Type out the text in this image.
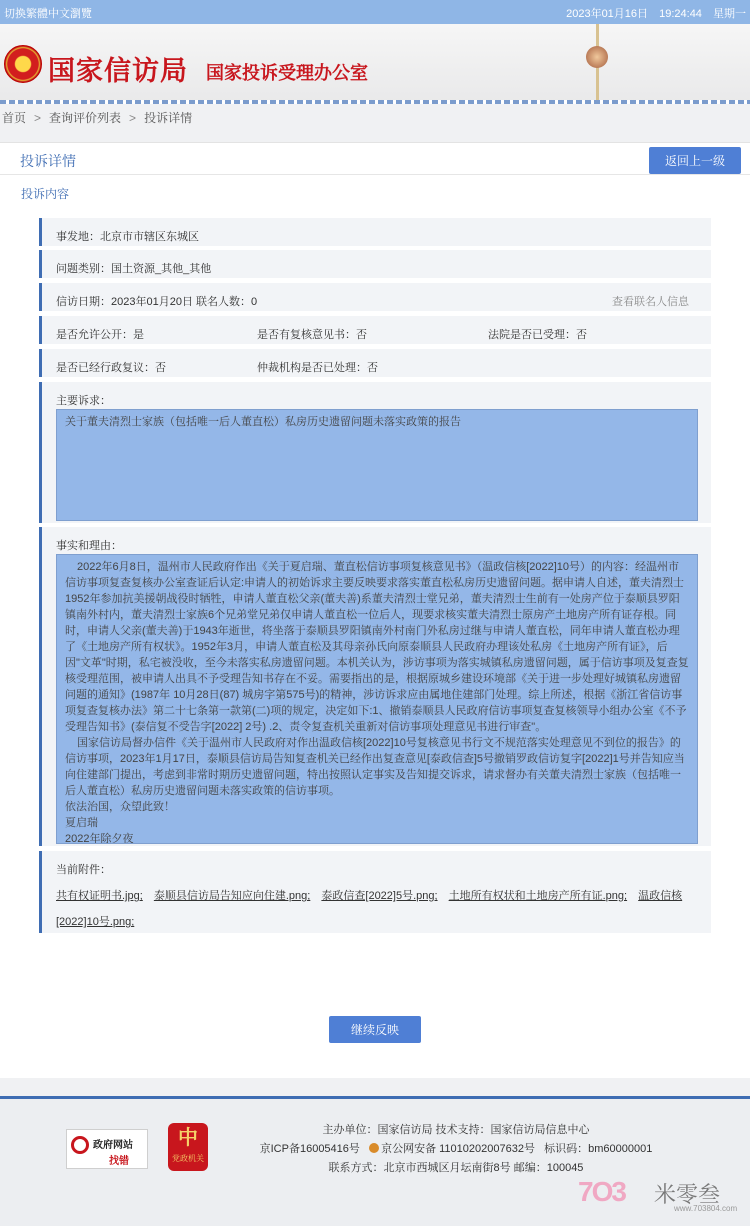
切換繁體中文瀏覽	2023年01月16日 19:24:44 星期一
国家信访局 国家投诉受理办公室
首页 > 查询评价列表 > 投诉详情
投诉详情	返回上一级
投诉内容
事发地：北京市市辖区东城区
问题类别：国土资源_其他_其他
信访日期：2023年01月20日 联名人数：0	查看联名人信息
是否允许公开：是	是否有复核意见书：否	法院是否已受理：否
是否已经行政复议：否	仲裁机构是否已处理：否
主要诉求：

关于董夫清烈士家族（包括唯一后人董直松）私房历史遗留问题未落实政策的报告

事实和理由：

2022年6月8日，温州市人民政府作出《关于夏启瑞、董直松信访事项复核意见书》（温政信核[2022]10号）的内容：经温州市信访事项复查复核办公室查证后认定:申请人的初始诉求主要反映要求落实董直松私房历史遗留问题。据申请人自述，董夫清烈士1952年参加抗美援朝战役时牺牲，申请人董直松父亲(董夫善)系董夫清烈士堂兄弟，董夫清烈士生前有一处房产位于泰顺县罗阳镇南外村内，董夫清烈士家族6个兄弟堂兄弟仅申请人董直松一位后人，现要求核实董夫清烈士原房产土地房产所有证存根。同时，申请人父亲(董夫善)于1943年逝世，将坐落于泰顺县罗阳镇南外村南门外私房过继与申请人董直松，同年申请人董直松办理了《土地房产所有权状》。1952年3月，申请人董直松及其母亲孙氏向原泰顺县人民政府办理该处私房《土地房产所有证》，后因"文革"时期，私宅被没收，至今未落实私房遗留问题。本机关认为，涉访事项为落实城镇私房遗留问题，属于信访事项及复查复核受理范围，被申请人出具不予受理告知书存在不妥。需要指出的是，根据原城乡建设环境部《关于进一步处理好城镇私房遗留问题的通知》(1987年 10月28日(87) 城房字第575号)的精神，涉访诉求应由属地住建部门处理。综上所述，根据《浙江省信访事项复查复核办法》第二十七条第一款第(二)项的规定，决定如下:1、撤销泰顺县人民政府信访事项复查复核领导小组办公室《不予受理告知书》(泰信复不受告字[2022] 2号) .2、责令复查机关重新对信访事项处理意见书进行审查"。

国家信访局督办信件《关于温州市人民政府对作出温政信核[2022]10号复核意见书行文不规范落实处理意见不到位的报告》的信访事项，2023年1月17日，泰顺县信访局告知复查机关已经作出复查意见[泰政信查]5号撤销罗政信访复字[2022]1号并告知应当向住建部门提出，考虑到非常时期历史遗留问题，特出按照认定事实及告知提交诉求，请求督办有关董夫清烈士家族（包括唯一后人董直松）私房历史遗留问题未落实政策的信访事项。

依法治国，众望此致！

夏启瑞

2022年除夕夜

当前附件：
共有权证明书.jpg; 泰顺县信访局告知应向住建.png; 泰政信查[2022]5号.png; 土地所有权状和土地房产所有证.png; 温政信核[2022]10号.png;
继续反映
政府网站
找错
中
党政机关
主办单位：国家信访局 技术支持：国家信访局信息中心
京ICP备16005416号 京公网安备 11010202007632号 标识码：bm60000001
联系方式：北京市西城区月坛南街8号 邮编：100045
7O3 米零叁
www.703804.com
